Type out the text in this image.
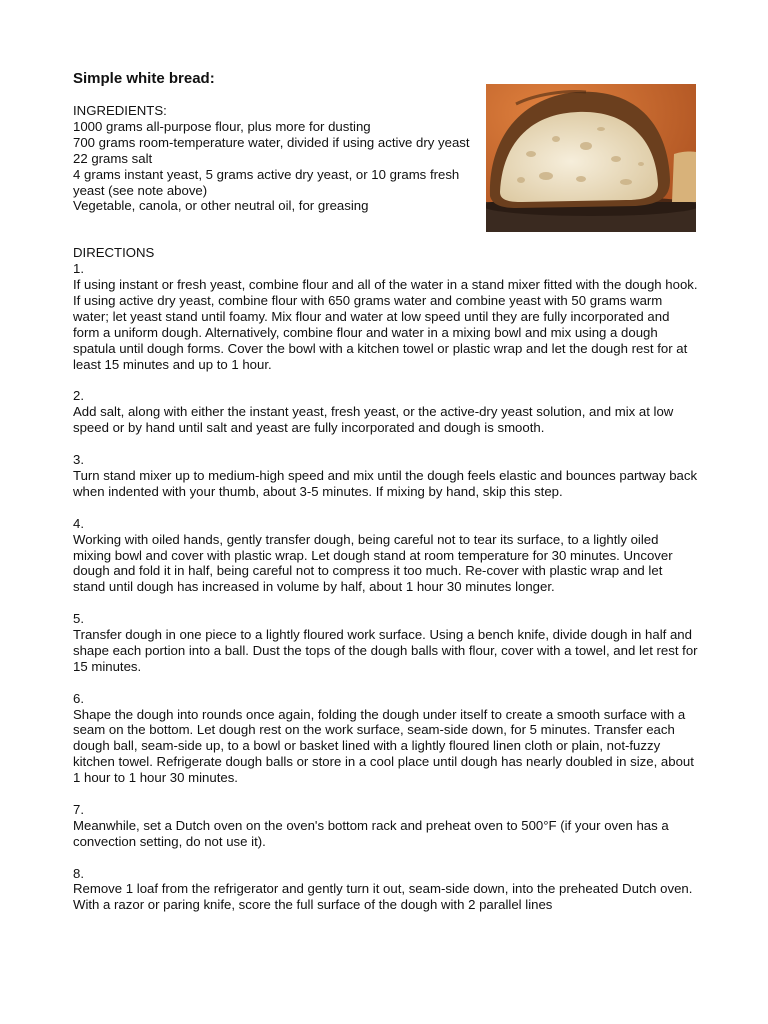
Simple white bread:
INGREDIENTS:
1000 grams all-purpose flour, plus more for dusting
700 grams room-temperature water, divided if using active dry yeast
22 grams salt
4 grams instant yeast, 5 grams active dry yeast, or 10 grams fresh yeast (see note above)
Vegetable, canola, or other neutral oil, for greasing
DIRECTIONS

1.

If using instant or fresh yeast, combine flour and all of the water in a stand mixer fitted with the dough hook. If using active dry yeast, combine flour with 650 grams water and combine yeast with 50 grams warm water; let yeast stand until foamy. Mix flour and water at low speed until they are fully incorporated and form a uniform dough. Alternatively, combine flour and water in a mixing bowl and mix using a dough spatula until dough forms. Cover the bowl with a kitchen towel or plastic wrap and let the dough rest for at least 15 minutes and up to 1 hour.

2.

Add salt, along with either the instant yeast, fresh yeast, or the active-dry yeast solution, and mix at low speed or by hand until salt and yeast are fully incorporated and dough is smooth.

3.

Turn stand mixer up to medium-high speed and mix until the dough feels elastic and bounces partway back when indented with your thumb, about 3-5 minutes. If mixing by hand, skip this step.

4.

Working with oiled hands, gently transfer dough, being careful not to tear its surface, to a lightly oiled mixing bowl and cover with plastic wrap. Let dough stand at room temperature for 30 minutes. Uncover dough and fold it in half, being careful not to compress it too much. Re-cover with plastic wrap and let stand until dough has increased in volume by half, about 1 hour 30 minutes longer.

5.

Transfer dough in one piece to a lightly floured work surface. Using a bench knife, divide dough in half and shape each portion into a ball. Dust the tops of the dough balls with flour, cover with a towel, and let rest for 15 minutes.

6.

Shape the dough into rounds once again, folding the dough under itself to create a smooth surface with a seam on the bottom. Let dough rest on the work surface, seam-side down, for 5 minutes. Transfer each dough ball, seam-side up, to a bowl or basket lined with a lightly floured linen cloth or plain, not-fuzzy kitchen towel. Refrigerate dough balls or store in a cool place until dough has nearly doubled in size, about 1 hour to 1 hour 30 minutes.

7.

Meanwhile, set a Dutch oven on the oven's bottom rack and preheat oven to 500°F (if your oven has a convection setting, do not use it).

8.

Remove 1 loaf from the refrigerator and gently turn it out, seam-side down, into the preheated Dutch oven. With a razor or paring knife, score the full surface of the dough with 2 parallel lines
